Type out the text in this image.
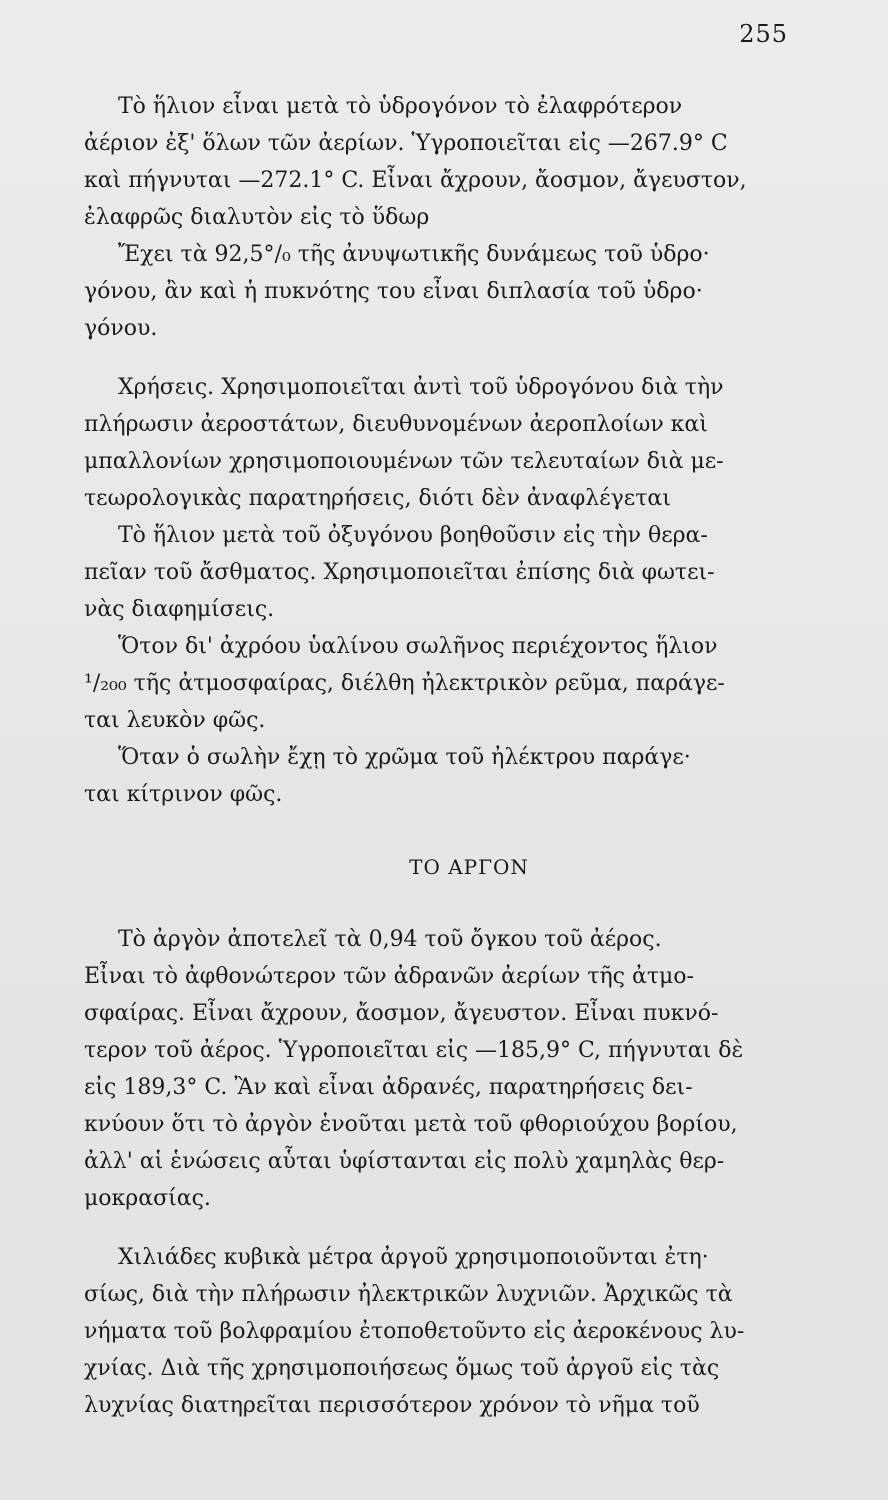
255
Τὸ ἥλιον εἶναι μετὰ τὸ ὑδρογόνον τὸ ἐλαφρότερον
ἀέριον ἐξ' ὅλων τῶν ἀερίων. Ὑγροποιεῖται εἰς —267.9° C
καὶ πήγνυται —272.1° C. Εἶναι ἄχρουν, ἄοσμον, ἄγευστον,
ἐλαφρῶς διαλυτὸν εἰς τὸ ὕδωρ
Ἔχει τὰ 92,5°/₀ τῆς ἀνυψωτικῆς δυνάμεως τοῦ ὑδρο·
γόνου, ἂν καὶ ἡ πυκνότης του εἶναι διπλασία τοῦ ὑδρο·
γόνου.
Χρήσεις. Χρησιμοποιεῖται ἀντὶ τοῦ ὑδρογόνου διὰ τὴν
πλήρωσιν ἀεροστάτων, διευθυνομένων ἀεροπλοίων καὶ
μπαλλονίων χρησιμοποιουμένων τῶν τελευταίων διὰ με-
τεωρολογικὰς παρατηρήσεις, διότι δὲν ἀναφλέγεται
Τὸ ἥλιον μετὰ τοῦ ὀξυγόνου βοηθοῦσιν εἰς τὴν θερα-
πεῖαν τοῦ ἄσθματος. Χρησιμοποιεῖται ἐπίσης διὰ φωτει-
νὰς διαφημίσεις.
Ὅτον δι' ἀχρόου ὑαλίνου σωλῆνος περιέχοντος ἥλιον
¹/₂₀₀ τῆς ἀτμοσφαίρας, διέλθη ἠλεκτρικὸν ρεῦμα, παράγε-
ται λευκὸν φῶς.
Ὅταν ὁ σωλὴν ἔχῃ τὸ χρῶμα τοῦ ἠλέκτρου παράγε·
ται κίτρινον φῶς.
ΤΟ ΑΡΓΟΝ
Τὸ ἀργὸν ἀποτελεῖ τὰ 0,94 τοῦ ὄγκου τοῦ ἀέρος.
Εἶναι τὸ ἀφθονώτερον τῶν ἀδρανῶν ἀερίων τῆς ἀτμο-
σφαίρας. Εἶναι ἄχρουν, ἄοσμον, ἄγευστον. Εἶναι πυκνό-
τερον τοῦ ἀέρος. Ὑγροποιεῖται εἰς —185,9° C, πήγνυται δὲ
εἰς 189,3° C. Ἂν καὶ εἶναι ἀδρανές, παρατηρήσεις δει-
κνύουν ὅτι τὸ ἀργὸν ἑνοῦται μετὰ τοῦ φθοριούχου βορίου,
ἀλλ' αἱ ἑνώσεις αὗται ὑφίστανται εἰς πολὺ χαμηλὰς θερ-
μοκρασίας.
Χιλιάδες κυβικὰ μέτρα ἀργοῦ χρησιμοποιοῦνται ἐτη·
σίως, διὰ τὴν πλήρωσιν ἠλεκτρικῶν λυχνιῶν. Ἀρχικῶς τὰ
νήματα τοῦ βολφραμίου ἐτοποθετοῦντο εἰς ἀεροκένους λυ-
χνίας. Διὰ τῆς χρησιμοποιήσεως ὅμως τοῦ ἀργοῦ εἰς τὰς
λυχνίας διατηρεῖται περισσότερον χρόνον τὸ νῆμα τοῦ
